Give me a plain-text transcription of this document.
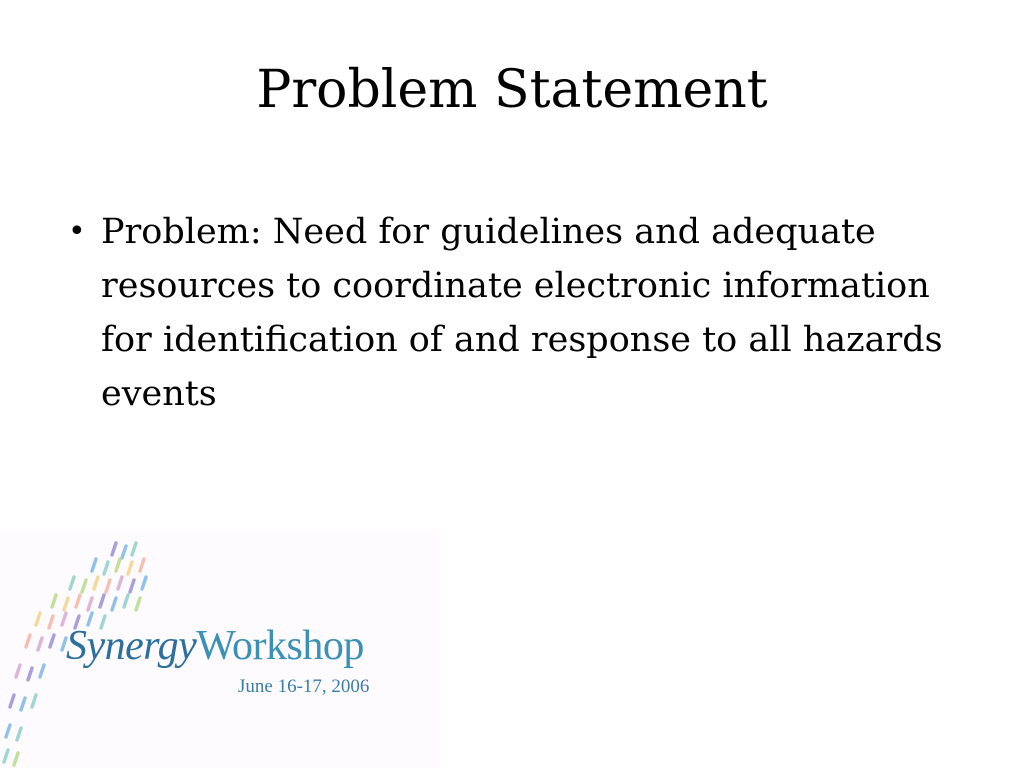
Problem Statement
• Problem: Need for guidelines and adequate resources to coordinate electronic information for identification of and response to all hazards events
SynergyWorkshop
June 16-17, 2006
